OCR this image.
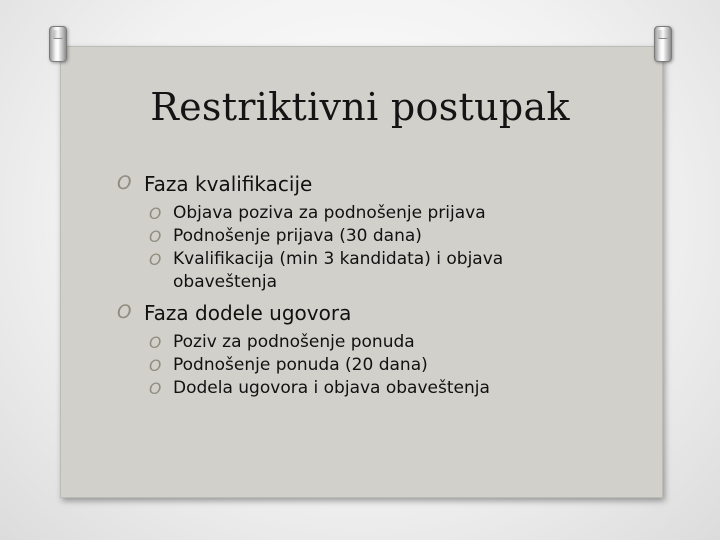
Restriktivni postupak
O Faza kvalifikacije
O Objava poziva za podnošenje prijava
O Podnošenje prijava (30 dana)
O Kvalifikacija (min 3 kandidata) i objava obaveštenja
O Faza dodele ugovora
O Poziv za podnošenje ponuda
O Podnošenje ponuda (20 dana)
O Dodela ugovora i objava obaveštenja
